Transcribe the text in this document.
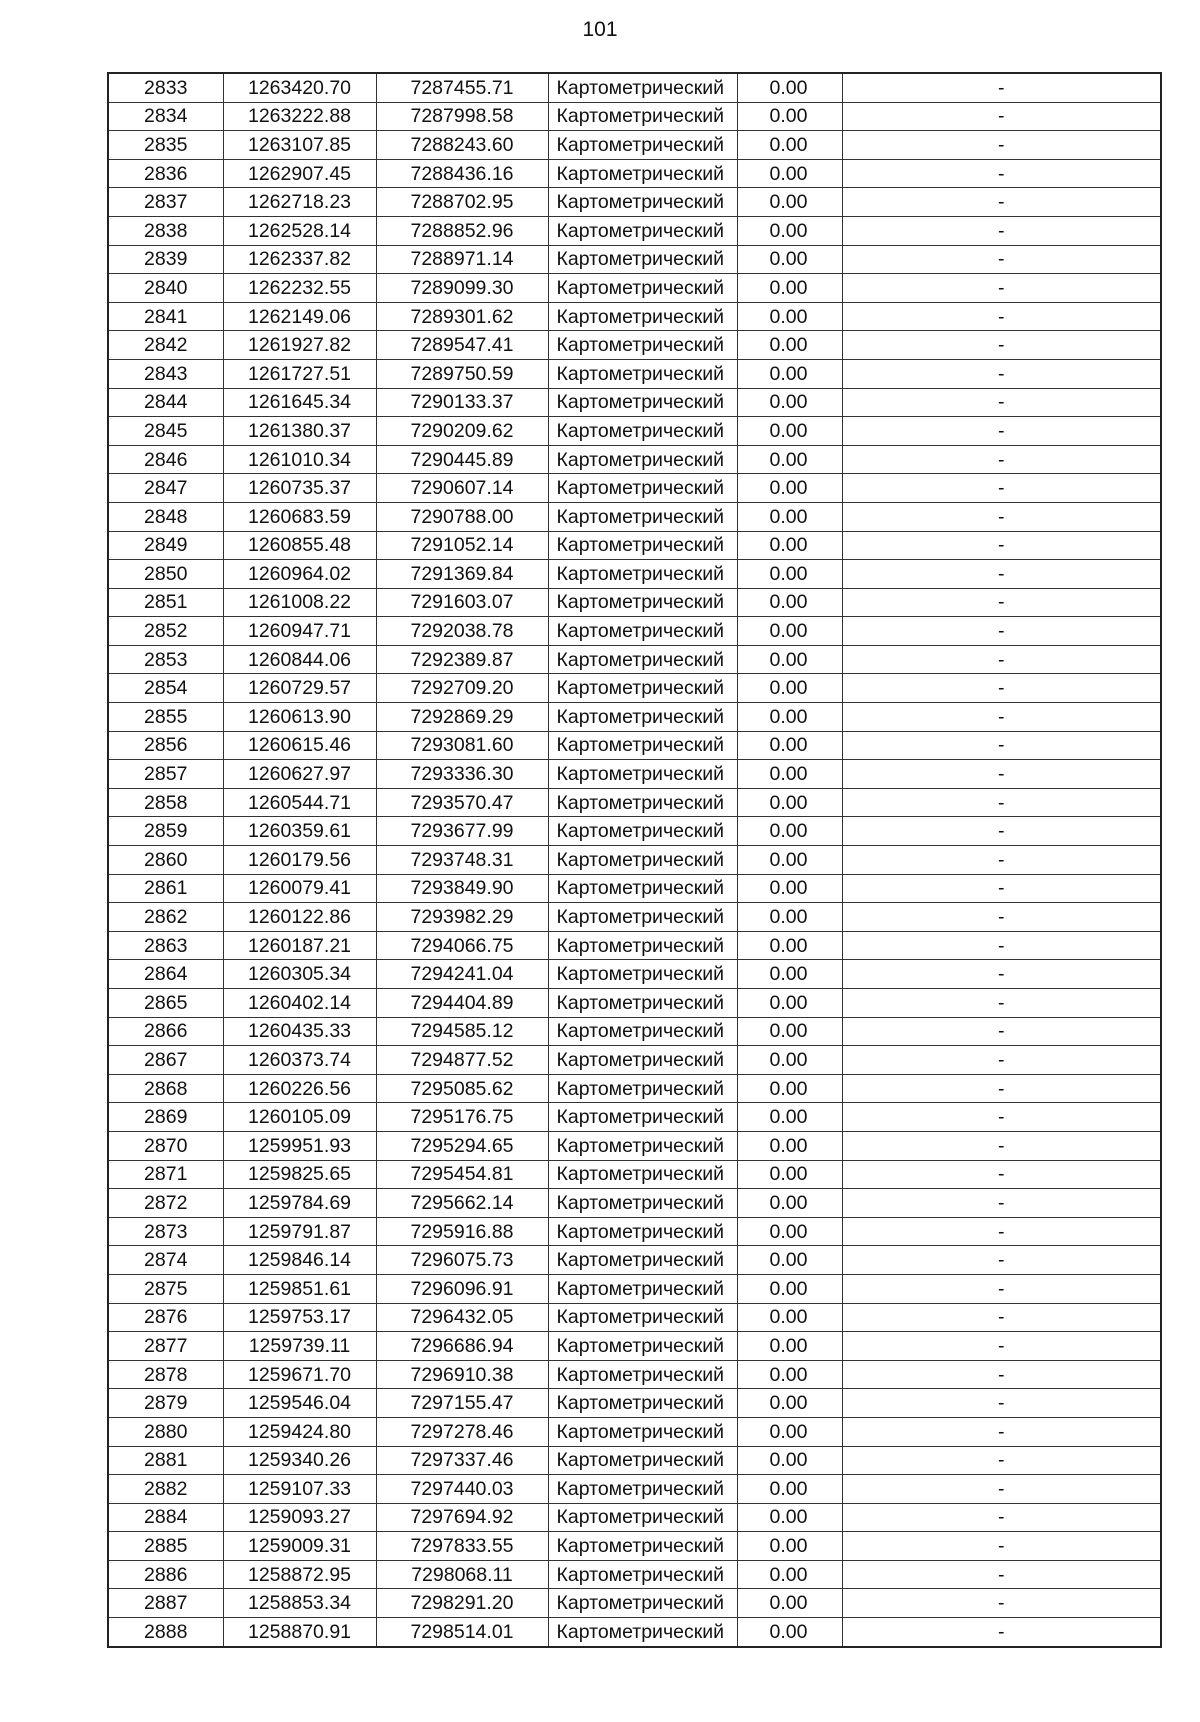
101
2833	1263420.70	7287455.71	Картометрический	0.00	-
2834	1263222.88	7287998.58	Картометрический	0.00	-
2835	1263107.85	7288243.60	Картометрический	0.00	-
2836	1262907.45	7288436.16	Картометрический	0.00	-
2837	1262718.23	7288702.95	Картометрический	0.00	-
2838	1262528.14	7288852.96	Картометрический	0.00	-
2839	1262337.82	7288971.14	Картометрический	0.00	-
2840	1262232.55	7289099.30	Картометрический	0.00	-
2841	1262149.06	7289301.62	Картометрический	0.00	-
2842	1261927.82	7289547.41	Картометрический	0.00	-
2843	1261727.51	7289750.59	Картометрический	0.00	-
2844	1261645.34	7290133.37	Картометрический	0.00	-
2845	1261380.37	7290209.62	Картометрический	0.00	-
2846	1261010.34	7290445.89	Картометрический	0.00	-
2847	1260735.37	7290607.14	Картометрический	0.00	-
2848	1260683.59	7290788.00	Картометрический	0.00	-
2849	1260855.48	7291052.14	Картометрический	0.00	-
2850	1260964.02	7291369.84	Картометрический	0.00	-
2851	1261008.22	7291603.07	Картометрический	0.00	-
2852	1260947.71	7292038.78	Картометрический	0.00	-
2853	1260844.06	7292389.87	Картометрический	0.00	-
2854	1260729.57	7292709.20	Картометрический	0.00	-
2855	1260613.90	7292869.29	Картометрический	0.00	-
2856	1260615.46	7293081.60	Картометрический	0.00	-
2857	1260627.97	7293336.30	Картометрический	0.00	-
2858	1260544.71	7293570.47	Картометрический	0.00	-
2859	1260359.61	7293677.99	Картометрический	0.00	-
2860	1260179.56	7293748.31	Картометрический	0.00	-
2861	1260079.41	7293849.90	Картометрический	0.00	-
2862	1260122.86	7293982.29	Картометрический	0.00	-
2863	1260187.21	7294066.75	Картометрический	0.00	-
2864	1260305.34	7294241.04	Картометрический	0.00	-
2865	1260402.14	7294404.89	Картометрический	0.00	-
2866	1260435.33	7294585.12	Картометрический	0.00	-
2867	1260373.74	7294877.52	Картометрический	0.00	-
2868	1260226.56	7295085.62	Картометрический	0.00	-
2869	1260105.09	7295176.75	Картометрический	0.00	-
2870	1259951.93	7295294.65	Картометрический	0.00	-
2871	1259825.65	7295454.81	Картометрический	0.00	-
2872	1259784.69	7295662.14	Картометрический	0.00	-
2873	1259791.87	7295916.88	Картометрический	0.00	-
2874	1259846.14	7296075.73	Картометрический	0.00	-
2875	1259851.61	7296096.91	Картометрический	0.00	-
2876	1259753.17	7296432.05	Картометрический	0.00	-
2877	1259739.11	7296686.94	Картометрический	0.00	-
2878	1259671.70	7296910.38	Картометрический	0.00	-
2879	1259546.04	7297155.47	Картометрический	0.00	-
2880	1259424.80	7297278.46	Картометрический	0.00	-
2881	1259340.26	7297337.46	Картометрический	0.00	-
2882	1259107.33	7297440.03	Картометрический	0.00	-
2884	1259093.27	7297694.92	Картометрический	0.00	-
2885	1259009.31	7297833.55	Картометрический	0.00	-
2886	1258872.95	7298068.11	Картометрический	0.00	-
2887	1258853.34	7298291.20	Картометрический	0.00	-
2888	1258870.91	7298514.01	Картометрический	0.00	-
